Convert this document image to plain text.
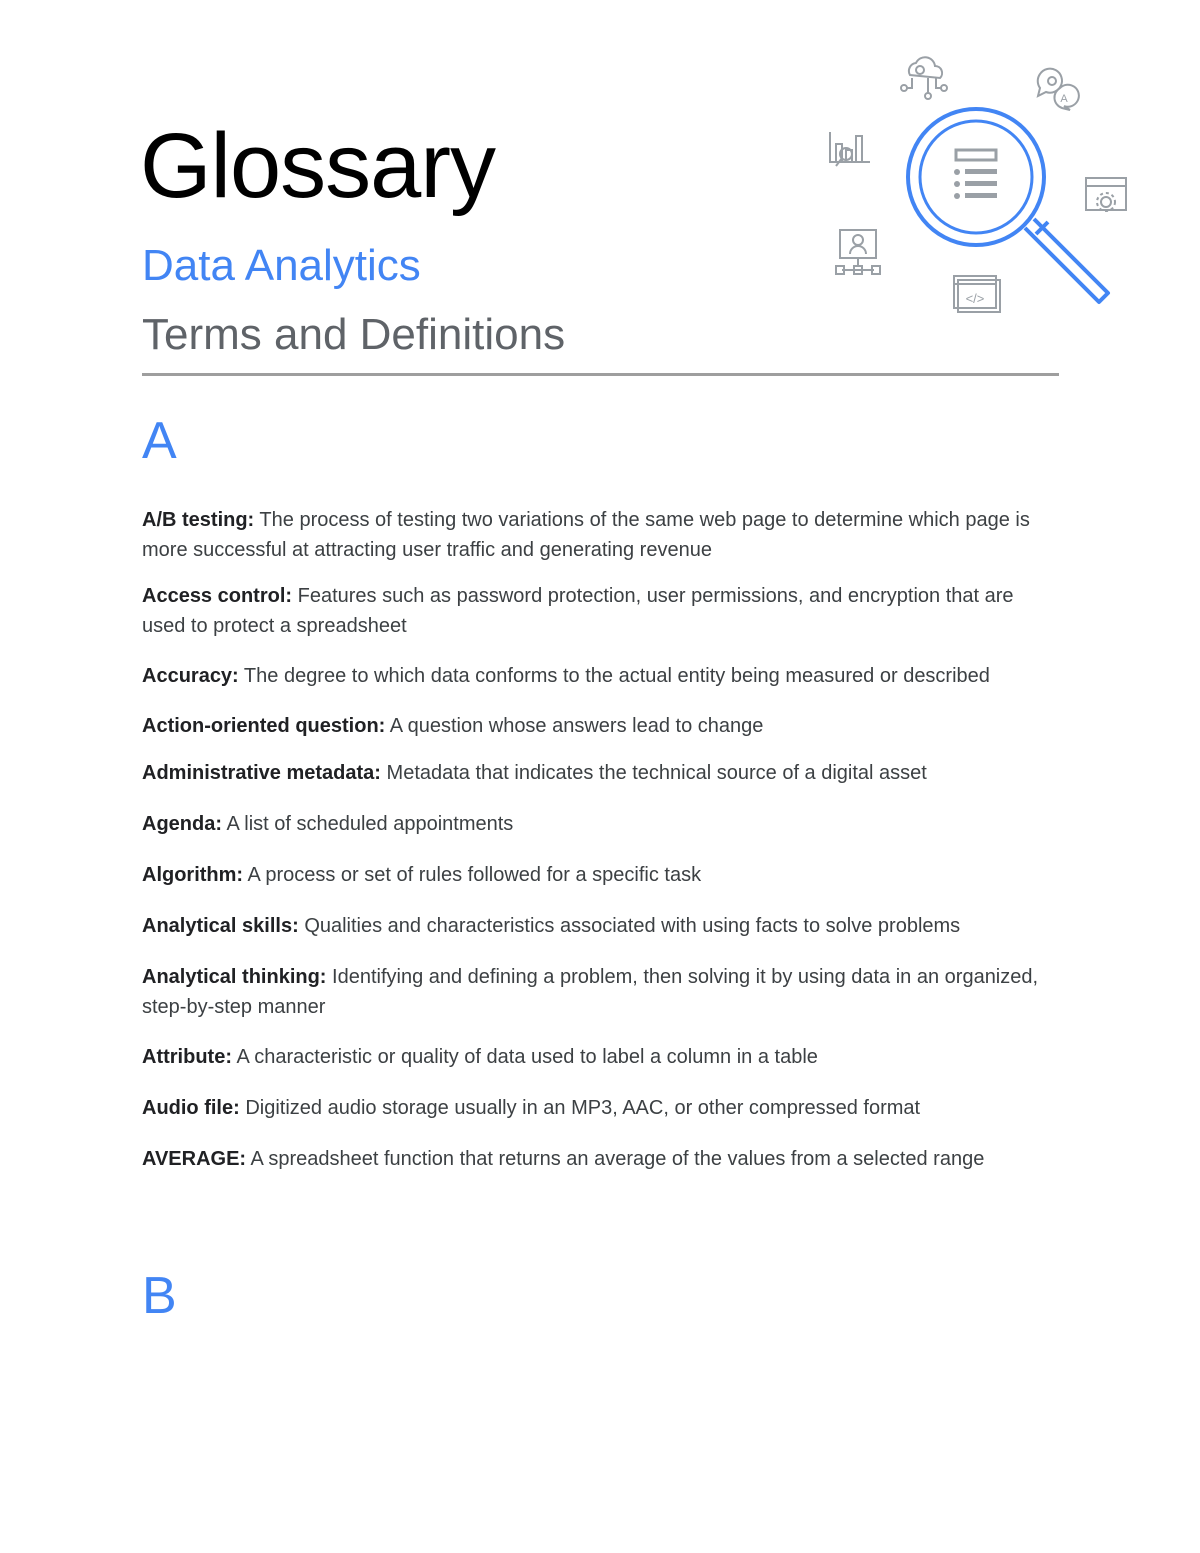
Glossary
Data Analytics
Terms and Definitions
A
</>
A

A/B testing: The process of testing two variations of the same web page to determine which page is more successful at attracting user traffic and generating revenue

Access control: Features such as password protection, user permissions, and encryption that are used to protect a spreadsheet

Accuracy: The degree to which data conforms to the actual entity being measured or described

Action-oriented question: A question whose answers lead to change

Administrative metadata: Metadata that indicates the technical source of a digital asset

Agenda: A list of scheduled appointments

Algorithm: A process or set of rules followed for a specific task

Analytical skills: Qualities and characteristics associated with using facts to solve problems

Analytical thinking: Identifying and defining a problem, then solving it by using data in an organized, step-by-step manner

Attribute: A characteristic or quality of data used to label a column in a table

Audio file: Digitized audio storage usually in an MP3, AAC, or other compressed format

AVERAGE: A spreadsheet function that returns an average of the values from a selected range

B
